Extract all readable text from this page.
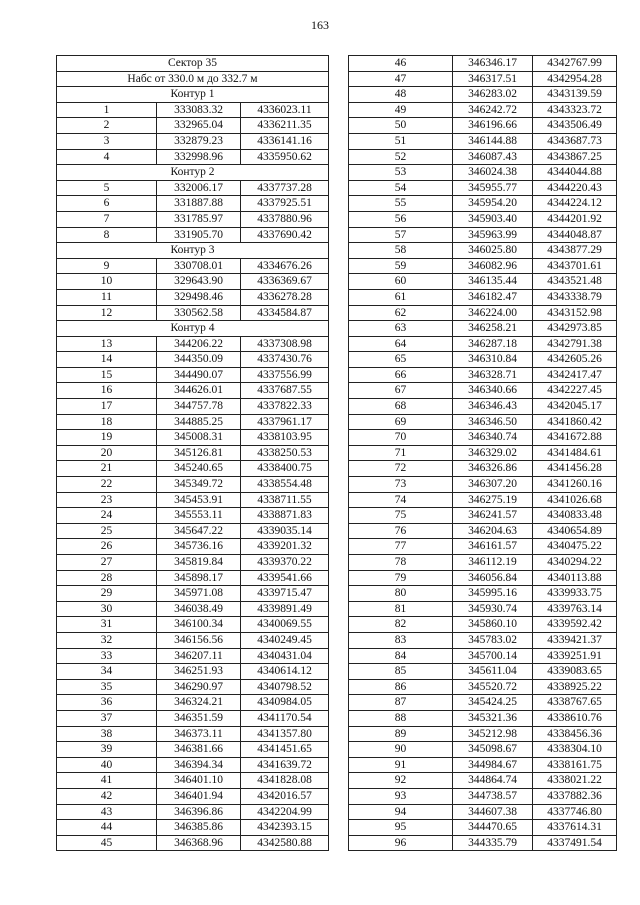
163
Сектор 35		
Набс от 330.0 м до 332.7 м		
Контур 1		
1	333083.32	4336023.11
2	332965.04	4336211.35
3	332879.23	4336141.16
4	332998.96	4335950.62
Контур 2		
5	332006.17	4337737.28
6	331887.88	4337925.51
7	331785.97	4337880.96
8	331905.70	4337690.42
Контур 3		
9	330708.01	4334676.26
10	329643.90	4336369.67
11	329498.46	4336278.28
12	330562.58	4334584.87
Контур 4		
13	344206.22	4337308.98
14	344350.09	4337430.76
15	344490.07	4337556.99
16	344626.01	4337687.55
17	344757.78	4337822.33
18	344885.25	4337961.17
19	345008.31	4338103.95
20	345126.81	4338250.53
21	345240.65	4338400.75
22	345349.72	4338554.48
23	345453.91	4338711.55
24	345553.11	4338871.83
25	345647.22	4339035.14
26	345736.16	4339201.32
27	345819.84	4339370.22
28	345898.17	4339541.66
29	345971.08	4339715.47
30	346038.49	4339891.49
31	346100.34	4340069.55
32	346156.56	4340249.45
33	346207.11	4340431.04
34	346251.93	4340614.12
35	346290.97	4340798.52
36	346324.21	4340984.05
37	346351.59	4341170.54
38	346373.11	4341357.80
39	346381.66	4341451.65
40	346394.34	4341639.72
41	346401.10	4341828.08
42	346401.94	4342016.57
43	346396.86	4342204.99
44	346385.86	4342393.15
45	346368.96	4342580.88
46	346346.17	4342767.99
47	346317.51	4342954.28
48	346283.02	4343139.59
49	346242.72	4343323.72
50	346196.66	4343506.49
51	346144.88	4343687.73
52	346087.43	4343867.25
53	346024.38	4344044.88
54	345955.77	4344220.43
55	345954.20	4344224.12
56	345903.40	4344201.92
57	345963.99	4344048.87
58	346025.80	4343877.29
59	346082.96	4343701.61
60	346135.44	4343521.48
61	346182.47	4343338.79
62	346224.00	4343152.98
63	346258.21	4342973.85
64	346287.18	4342791.38
65	346310.84	4342605.26
66	346328.71	4342417.47
67	346340.66	4342227.45
68	346346.43	4342045.17
69	346346.50	4341860.42
70	346340.74	4341672.88
71	346329.02	4341484.61
72	346326.86	4341456.28
73	346307.20	4341260.16
74	346275.19	4341026.68
75	346241.57	4340833.48
76	346204.63	4340654.89
77	346161.57	4340475.22
78	346112.19	4340294.22
79	346056.84	4340113.88
80	345995.16	4339933.75
81	345930.74	4339763.14
82	345860.10	4339592.42
83	345783.02	4339421.37
84	345700.14	4339251.91
85	345611.04	4339083.65
86	345520.72	4338925.22
87	345424.25	4338767.65
88	345321.36	4338610.76
89	345212.98	4338456.36
90	345098.67	4338304.10
91	344984.67	4338161.75
92	344864.74	4338021.22
93	344738.57	4337882.36
94	344607.38	4337746.80
95	344470.65	4337614.31
96	344335.79	4337491.54
